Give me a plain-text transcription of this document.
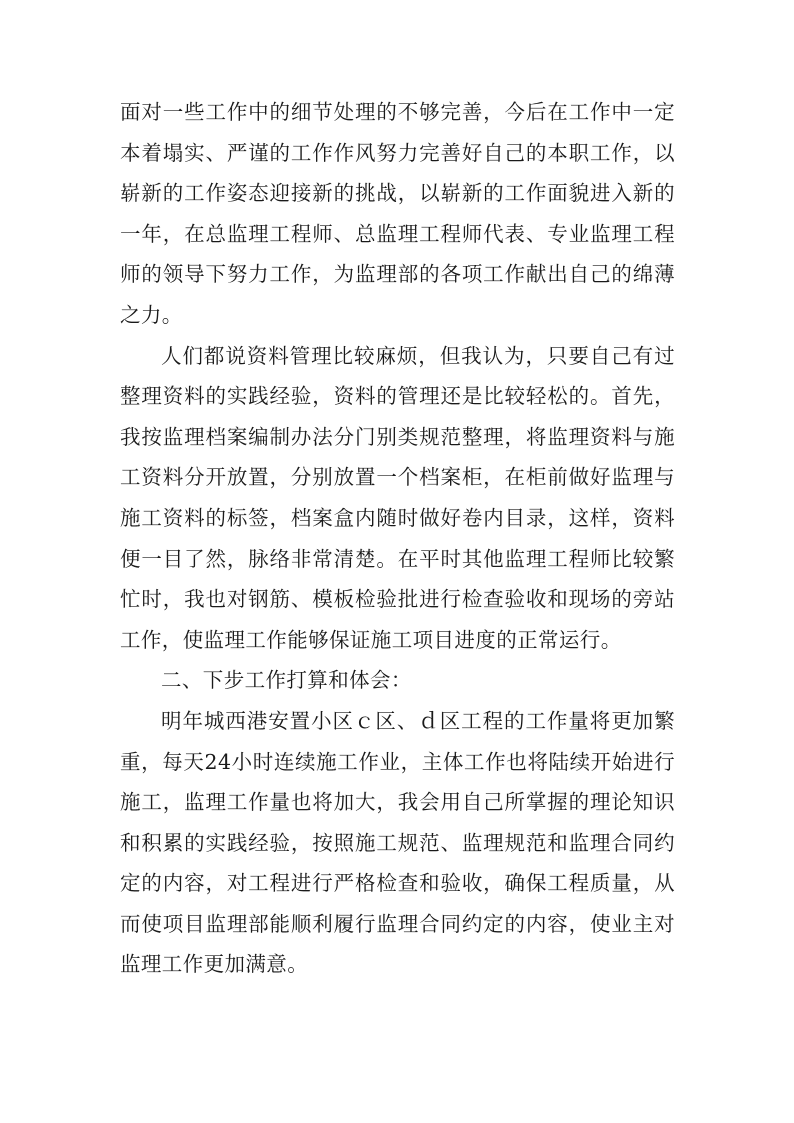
面对一些工作中的细节处理的不够完善，今后在工作中一定本着塌实、严谨的工作作风努力完善好自己的本职工作，以崭新的工作姿态迎接新的挑战，以崭新的工作面貌进入新的一年，在总监理工程师、总监理工程师代表、专业监理工程师的领导下努力工作，为监理部的各项工作献出自己的绵薄之力。

人们都说资料管理比较麻烦，但我认为，只要自己有过整理资料的实践经验，资料的管理还是比较轻松的。首先，我按监理档案编制办法分门别类规范整理，将监理资料与施工资料分开放置，分别放置一个档案柜，在柜前做好监理与施工资料的标签，档案盒内随时做好卷内目录，这样，资料便一目了然，脉络非常清楚。在平时其他监理工程师比较繁忙时，我也对钢筋、模板检验批进行检查验收和现场的旁站工作，使监理工作能够保证施工项目进度的正常运行。

二、下步工作打算和体会：

明年城西港安置小区ｃ区、ｄ区工程的工作量将更加繁重，每天24小时连续施工作业，主体工作也将陆续开始进行施工，监理工作量也将加大，我会用自己所掌握的理论知识和积累的实践经验，按照施工规范、监理规范和监理合同约定的内容，对工程进行严格检查和验收，确保工程质量，从而使项目监理部能顺利履行监理合同约定的内容，使业主对监理工作更加满意。
